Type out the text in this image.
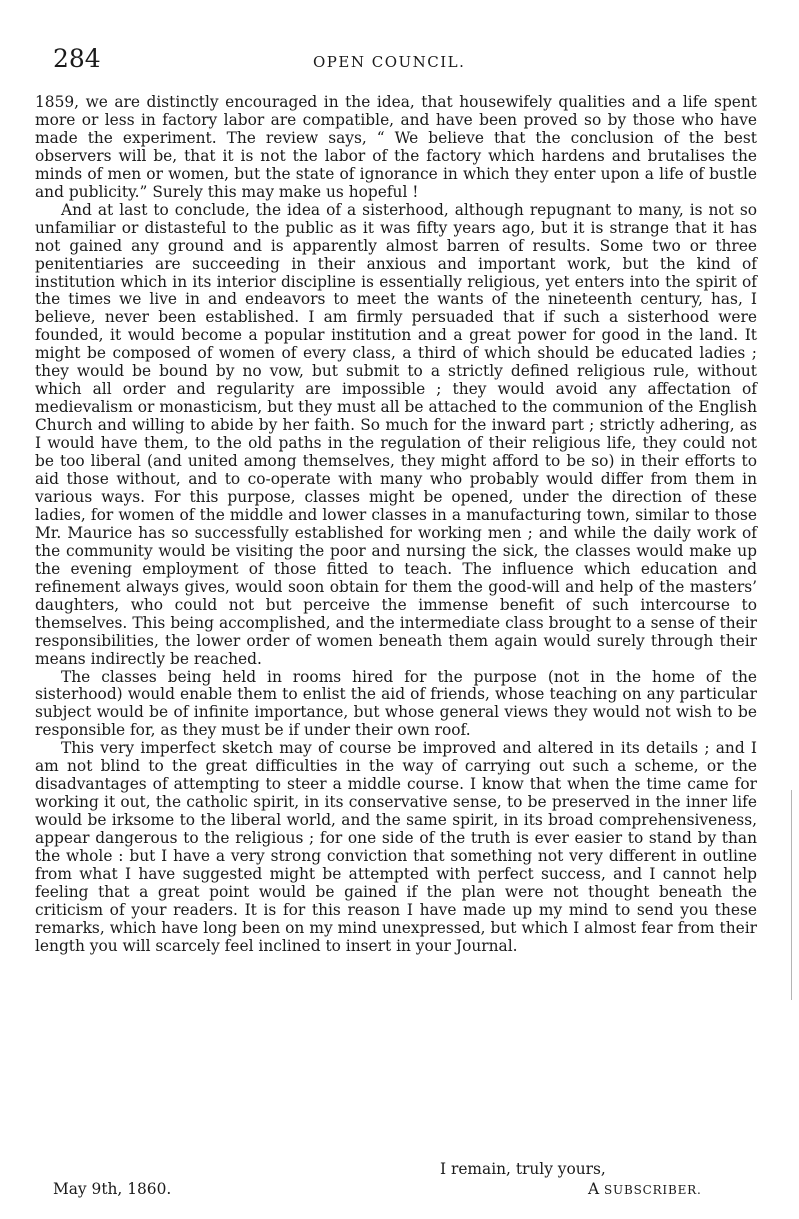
284	OPEN COUNCIL.

1859, we are distinctly encouraged in the idea, that housewifely qualities and a life spent more or less in factory labor are compatible, and have been proved so by those who have made the experiment. The review says, “ We believe that the conclusion of the best observers will be, that it is not the labor of the factory which hardens and brutalises the minds of men or women, but the state of ignorance in which they enter upon a life of bustle and publicity.” Surely this may make us hopeful !

And at last to conclude, the idea of a sisterhood, although repugnant to many, is not so unfamiliar or distasteful to the public as it was fifty years ago, but it is strange that it has not gained any ground and is apparently almost barren of results. Some two or three penitentiaries are succeeding in their anxious and important work, but the kind of institution which in its interior discipline is essentially religious, yet enters into the spirit of the times we live in and endeavors to meet the wants of the nineteenth century, has, I believe, never been established. I am firmly persuaded that if such a sisterhood were founded, it would become a popular institution and a great power for good in the land. It might be composed of women of every class, a third of which should be educated ladies ; they would be bound by no vow, but submit to a strictly defined religious rule, without which all order and regularity are impossible ; they would avoid any affectation of medievalism or monasticism, but they must all be attached to the communion of the English Church and willing to abide by her faith. So much for the inward part ; strictly adhering, as I would have them, to the old paths in the regulation of their religious life, they could not be too liberal (and united among themselves, they might afford to be so) in their efforts to aid those without, and to co-operate with many who probably would differ from them in various ways. For this purpose, classes might be opened, under the direction of these ladies, for women of the middle and lower classes in a manufacturing town, similar to those Mr. Maurice has so successfully established for working men ; and while the daily work of the community would be visiting the poor and nursing the sick, the classes would make up the evening employment of those fitted to teach. The influence which education and refinement always gives, would soon obtain for them the good-will and help of the masters’ daughters, who could not but perceive the immense benefit of such intercourse to themselves. This being accomplished, and the intermediate class brought to a sense of their responsibilities, the lower order of women beneath them again would surely through their means indirectly be reached.

The classes being held in rooms hired for the purpose (not in the home of the sisterhood) would enable them to enlist the aid of friends, whose teaching on any particular subject would be of infinite importance, but whose general views they would not wish to be responsible for, as they must be if under their own roof.

This very imperfect sketch may of course be improved and altered in its details ; and I am not blind to the great difficulties in the way of carrying out such a scheme, or the disadvantages of attempting to steer a middle course. I know that when the time came for working it out, the catholic spirit, in its conservative sense, to be preserved in the inner life would be irksome to the liberal world, and the same spirit, in its broad comprehensiveness, appear dangerous to the religious ; for one side of the truth is ever easier to stand by than the whole : but I have a very strong conviction that something not very different in outline from what I have suggested might be attempted with perfect success, and I cannot help feeling that a great point would be gained if the plan were not thought beneath the criticism of your readers. It is for this reason I have made up my mind to send you these remarks, which have long been on my mind unexpressed, but which I almost fear from their length you will scarcely feel inclined to insert in your Journal.

I remain, truly yours,
May 9th, 1860.	A SUBSCRIBER.
